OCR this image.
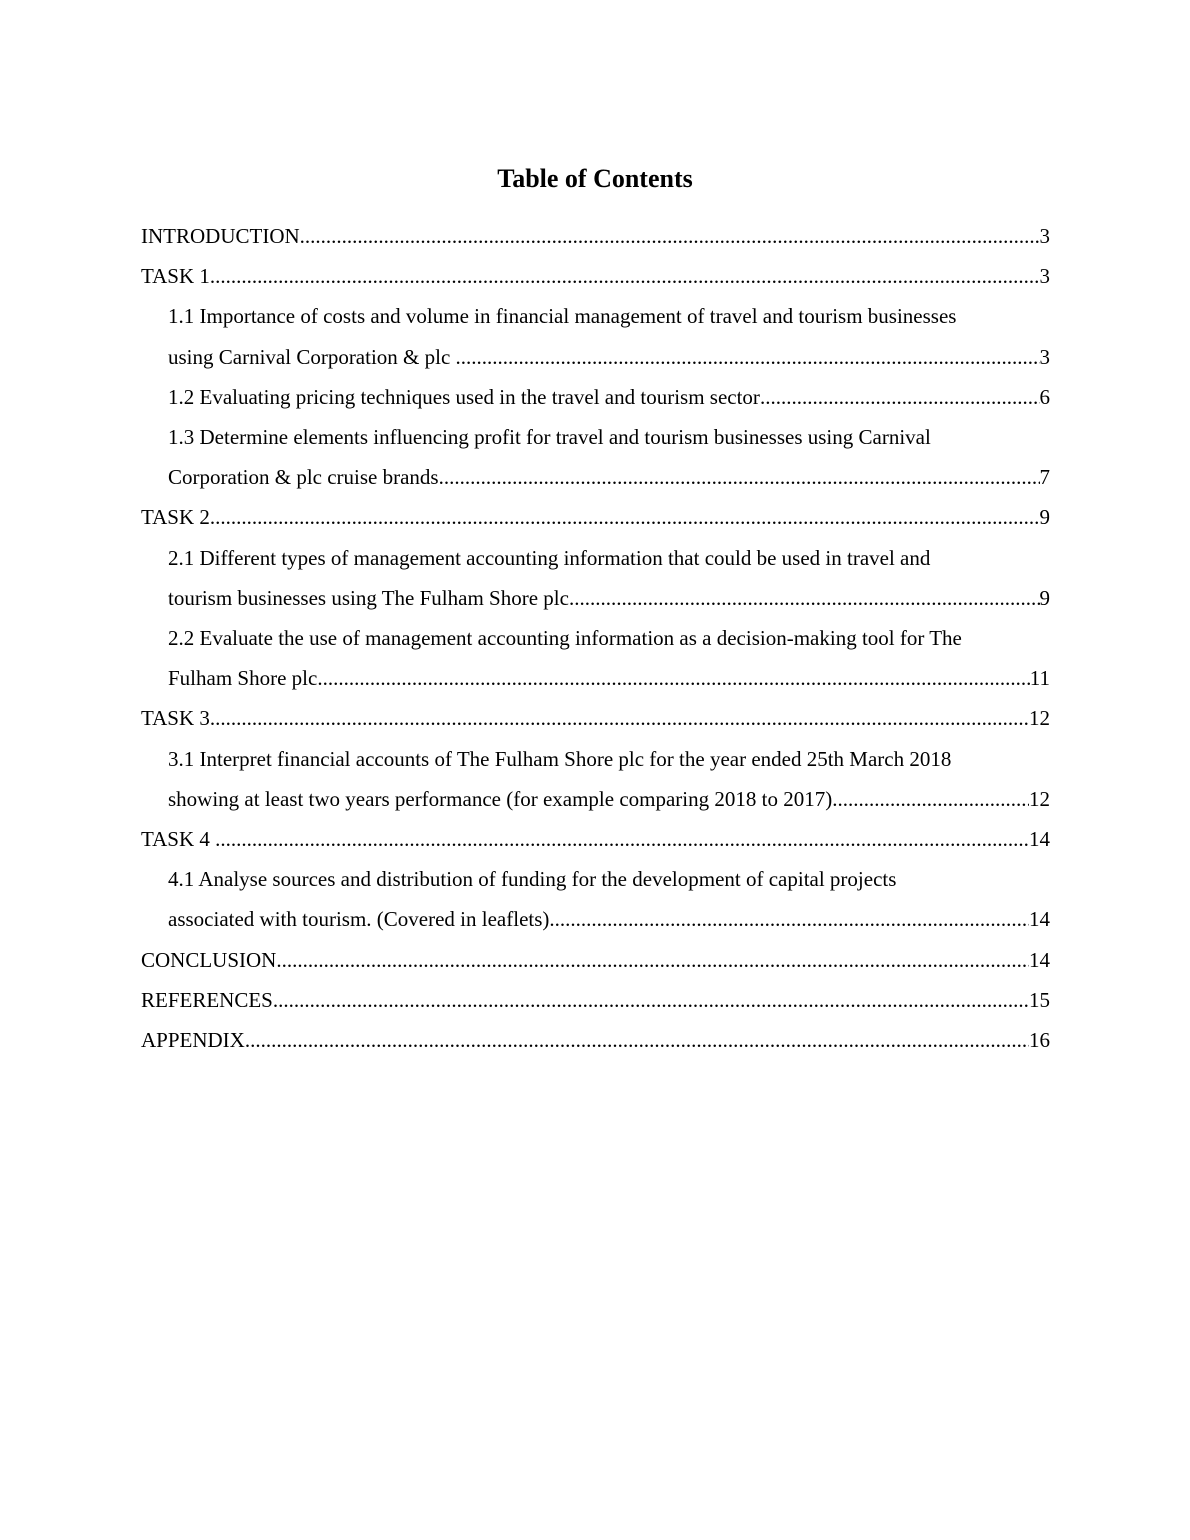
Table of Contents
INTRODUCTION .....	3
TASK 1 .....	3
1.1 Importance of costs and volume in financial management of travel and tourism businesses
using Carnival Corporation & plc .....	3
1.2 Evaluating pricing techniques used in the travel and tourism sector .....	6
1.3 Determine elements influencing profit for travel and tourism businesses using Carnival
Corporation & plc cruise brands .....	7
TASK 2 .....	9
2.1 Different types of management accounting information that could be used in travel and
tourism businesses using The Fulham Shore plc .....	9
2.2 Evaluate the use of management accounting information as a decision-making tool for The
Fulham Shore plc .....	11
TASK 3 .....	12
3.1 Interpret financial accounts of The Fulham Shore plc for the year ended 25th March 2018
showing at least two years performance (for example comparing 2018 to 2017) .....	12
TASK 4 .....	14
4.1 Analyse sources and distribution of funding for the development of capital projects
associated with tourism. (Covered in leaflets) .....	14
CONCLUSION .....	14
REFERENCES .....	15
APPENDIX .....	16
